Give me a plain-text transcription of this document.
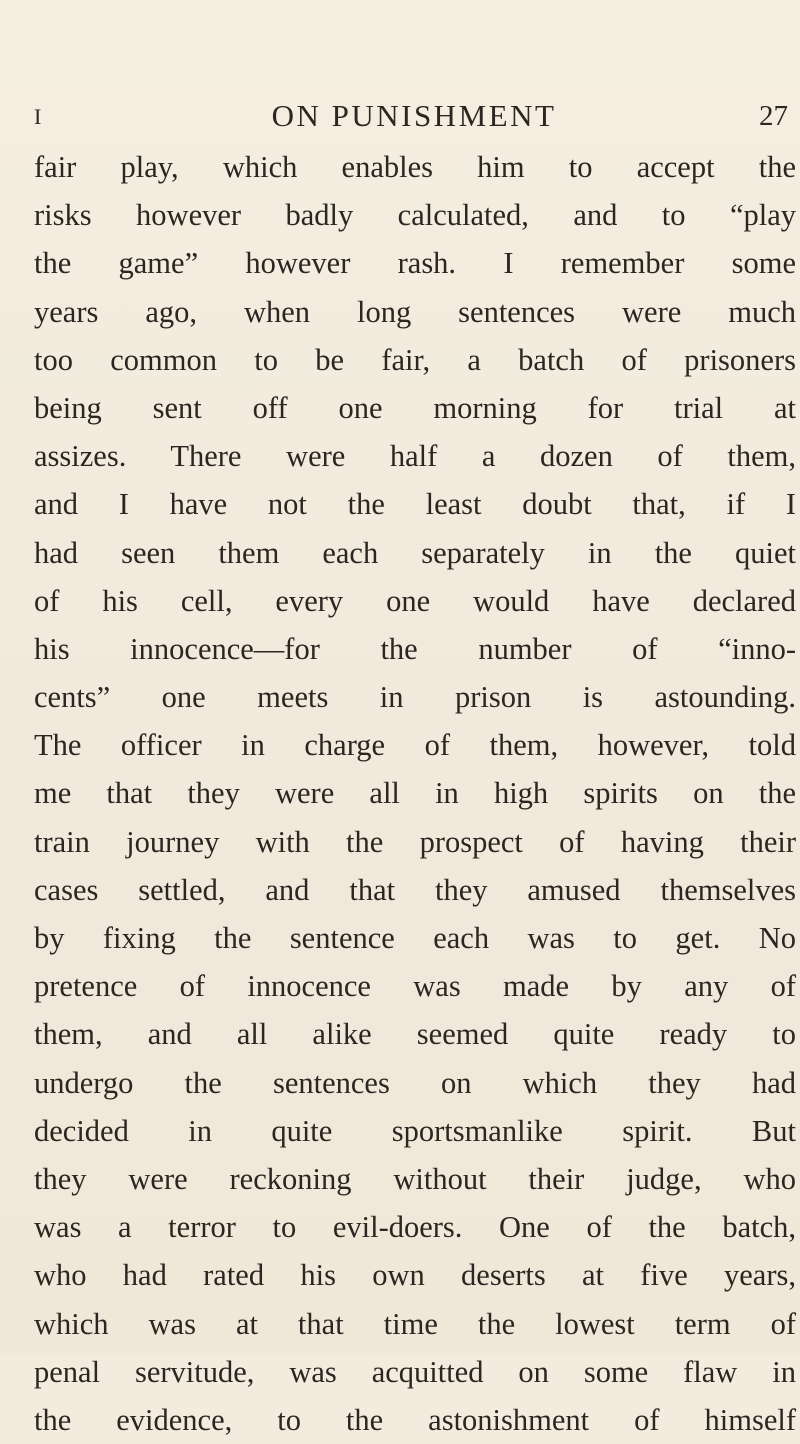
I	ON PUNISHMENT	27
fair play, which enables him to accept the
risks however badly calculated, and to “play
the game” however rash. I remember some
years ago, when long sentences were much
too common to be fair, a batch of prisoners
being sent off one morning for trial at
assizes. There were half a dozen of them,
and I have not the least doubt that, if I
had seen them each separately in the quiet
of his cell, every one would have declared
his innocence—for the number of “inno-
cents” one meets in prison is astounding.
The officer in charge of them, however, told
me that they were all in high spirits on the
train journey with the prospect of having their
cases settled, and that they amused themselves
by fixing the sentence each was to get. No
pretence of innocence was made by any of
them, and all alike seemed quite ready to
undergo the sentences on which they had
decided in quite sportsmanlike spirit. But
they were reckoning without their judge, who
was a terror to evil-doers. One of the batch,
who had rated his own deserts at five years,
which was at that time the lowest term of
penal servitude, was acquitted on some flaw in
the evidence, to the astonishment of himself
